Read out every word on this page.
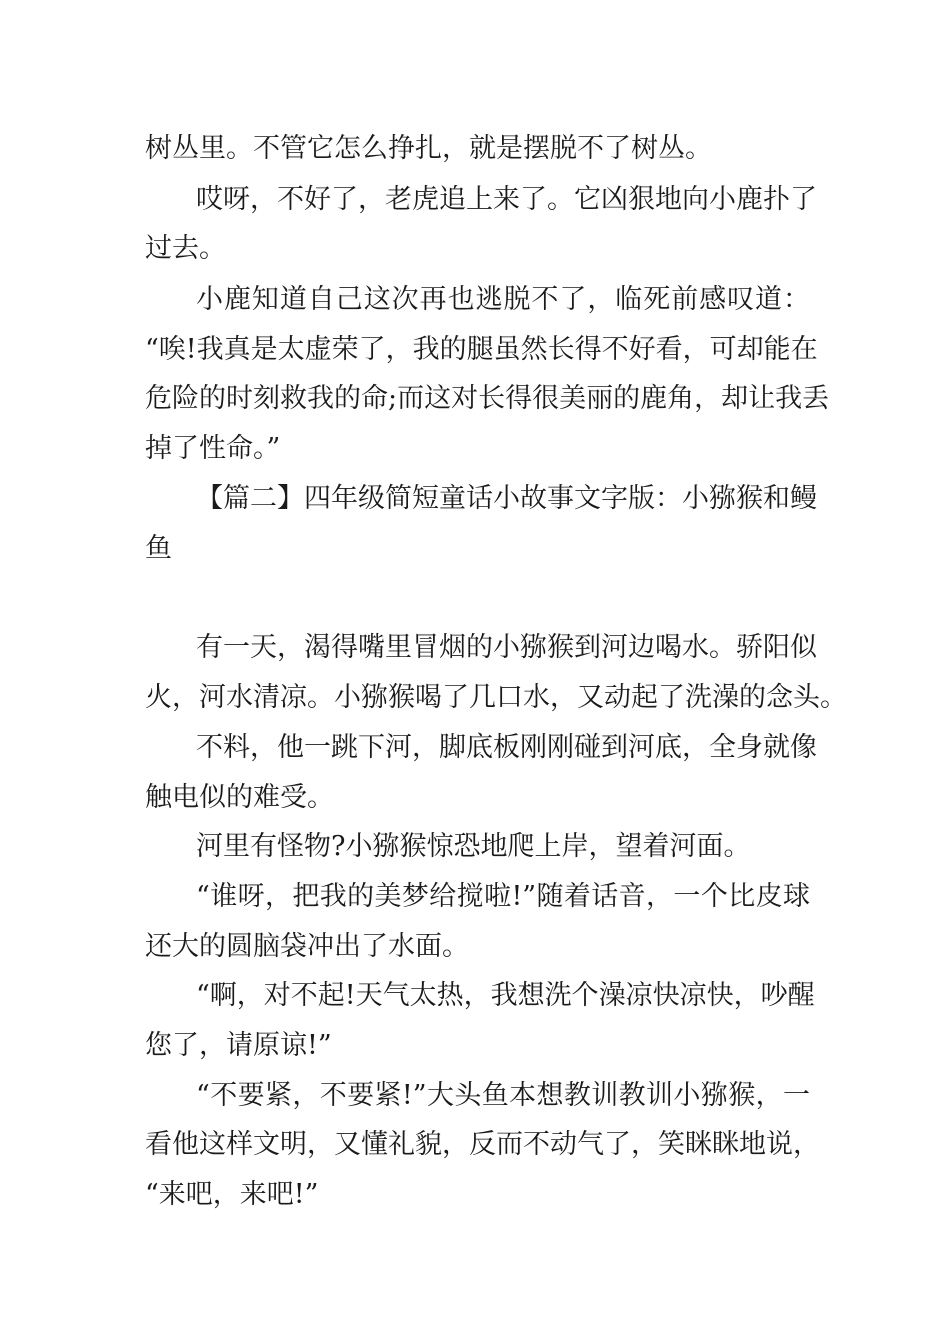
树丛里。不管它怎么挣扎，就是摆脱不了树丛。
哎呀，不好了，老虎追上来了。它凶狠地向小鹿扑了
过去。
小鹿知道自己这次再也逃脱不了，临死前感叹道：
“唉!我真是太虚荣了，我的腿虽然长得不好看，可却能在
危险的时刻救我的命;而这对长得很美丽的鹿角，却让我丢
掉了性命。”
【篇二】四年级简短童话小故事文字版：小猕猴和鳗
鱼
有一天，渴得嘴里冒烟的小猕猴到河边喝水。骄阳似
火，河水清凉。小猕猴喝了几口水，又动起了洗澡的念头。
不料，他一跳下河，脚底板刚刚碰到河底，全身就像
触电似的难受。
河里有怪物?小猕猴惊恐地爬上岸，望着河面。
“谁呀，把我的美梦给搅啦!”随着话音，一个比皮球
还大的圆脑袋冲出了水面。
“啊，对不起!天气太热，我想洗个澡凉快凉快，吵醒
您了，请原谅!”
“不要紧，不要紧!”大头鱼本想教训教训小猕猴，一
看他这样文明，又懂礼貌，反而不动气了，笑眯眯地说，
“来吧，来吧!”
